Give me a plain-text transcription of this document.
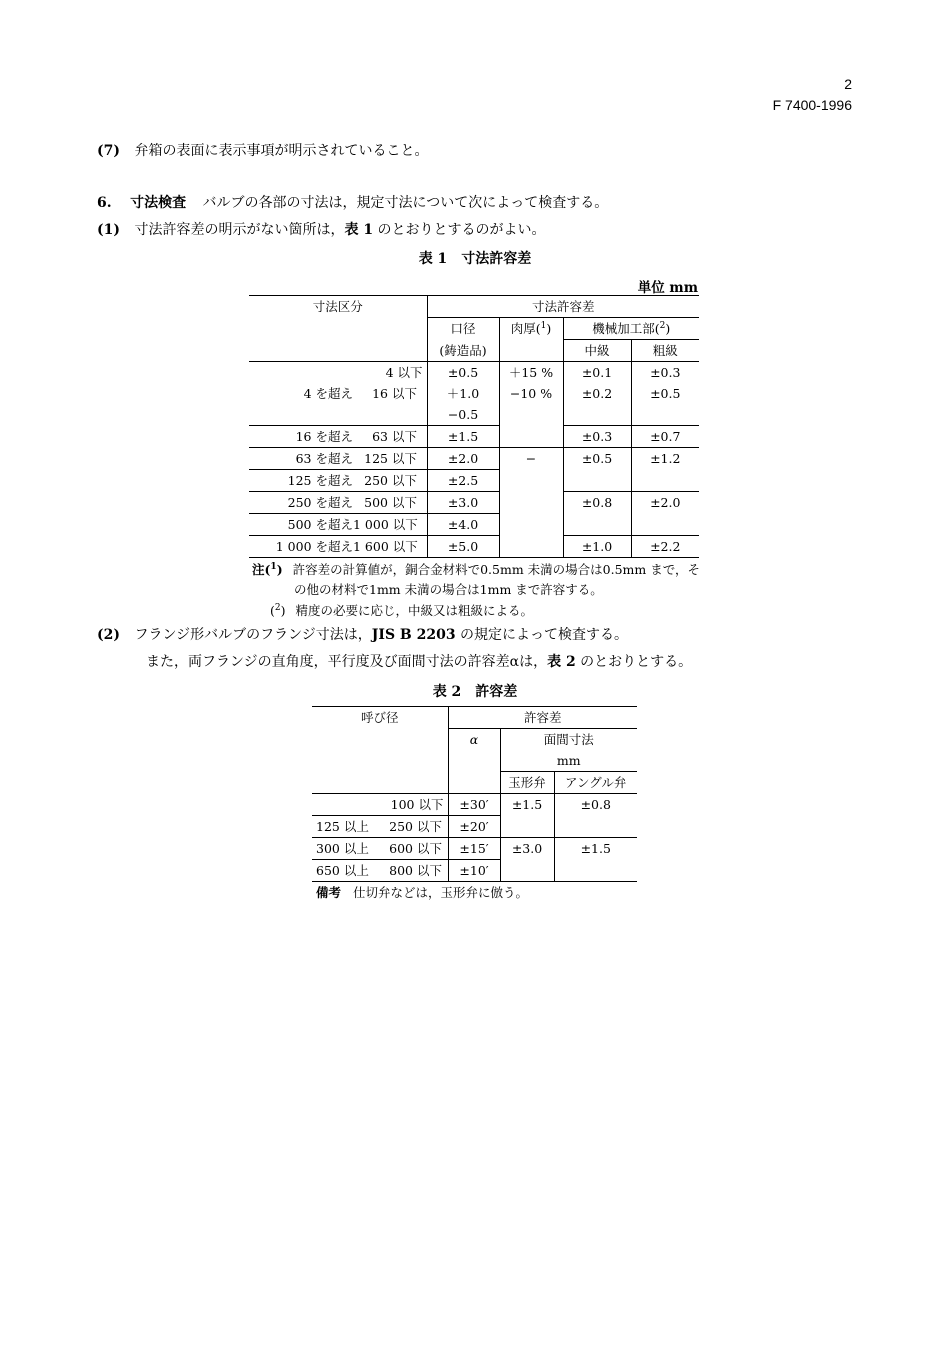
2
F 7400-1996
(7) 弁箱の表面に表示事項が明示されていること。
6. 寸法検査 バルブの各部の寸法は，規定寸法について次によって検査する。
(1) 寸法許容差の明示がない箇所は，表 1 のとおりとするのがよい。
表 1　寸法許容差
単位 mm
寸法区分	寸法許容差			
	口径	肉厚($^1$)	機械加工部($^2$)	
	(鋳造品)		中級	粗級
4 以下	±0.5	＋15 %	±0.1	±0.3
4 を超え 16 以下	＋1.0	−10 %	±0.2	±0.5
	−0.5			
16 を超え 63 以下	±1.5		±0.3	±0.7
63 を超え 125 以下	±2.0	−	±0.5	±1.2
125 を超え 250 以下	±2.5			
250 を超え 500 以下	±3.0		±0.8	±2.0
500 を超え1 000 以下	±4.0			
1 000 を超え1 600 以下	±5.0		±1.0	±2.2
注($^1$) 許容差の計算値が，銅合金材料で0.5mm 未満の場合は0.5mm まで，そ
の他の材料で1mm 未満の場合は1mm まで許容する。
($^2$) 精度の必要に応じ，中級又は粗級による。
(2) フランジ形バルブのフランジ寸法は，JIS B 2203 の規定によって検査する。
また，両フランジの直角度，平行度及び面間寸法の許容差αは，表 2 のとおりとする。
表 2　許容差
呼び径	許容差		
	α	面間寸法	
		mm	
		玉形弁	アングル弁
100 以下	±30′	±1.5	±0.8
125 以上 250 以下	±20′		
300 以上 600 以下	±15′	±3.0	±1.5
650 以上 800 以下	±10′		
備考 仕切弁などは，玉形弁に倣う。
